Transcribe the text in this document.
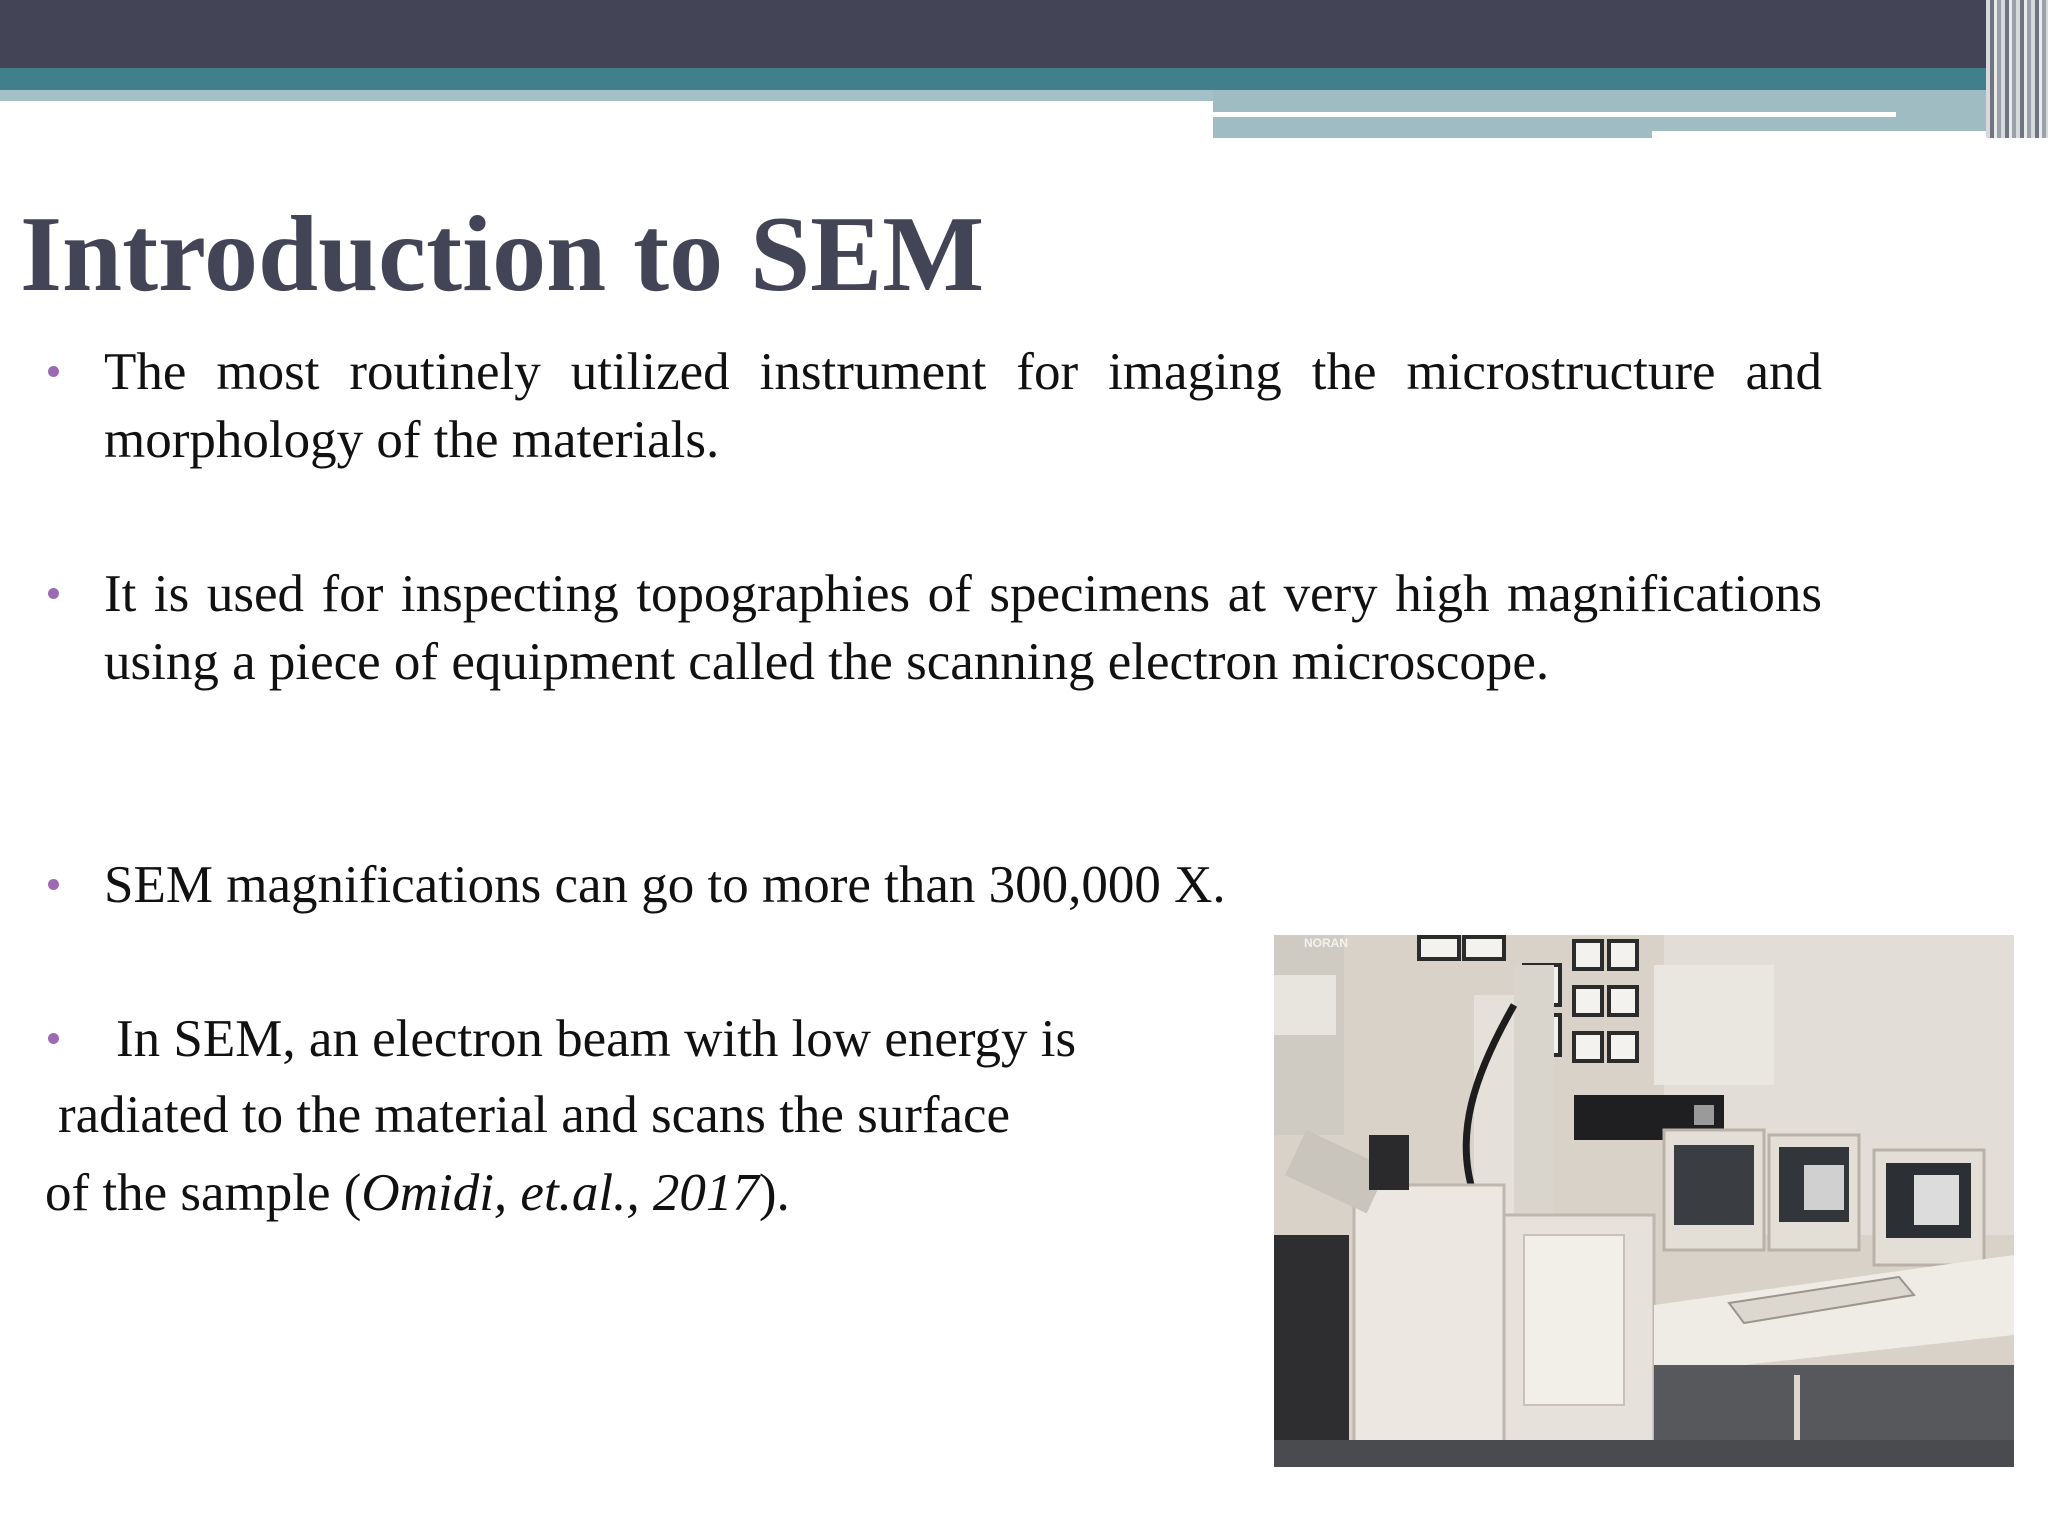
Introduction to SEM
The most routinely utilized instrument for imaging the microstructure and morphology of the materials.
It is used for inspecting topographies of specimens at very high magnifications using a piece of equipment called the scanning electron microscope.
SEM magnifications can go to more than 300,000 X.
In SEM, an electron beam with low energy is
radiated to the material and scans the surface
of the sample (Omidi, et.al., 2017).
NORAN
